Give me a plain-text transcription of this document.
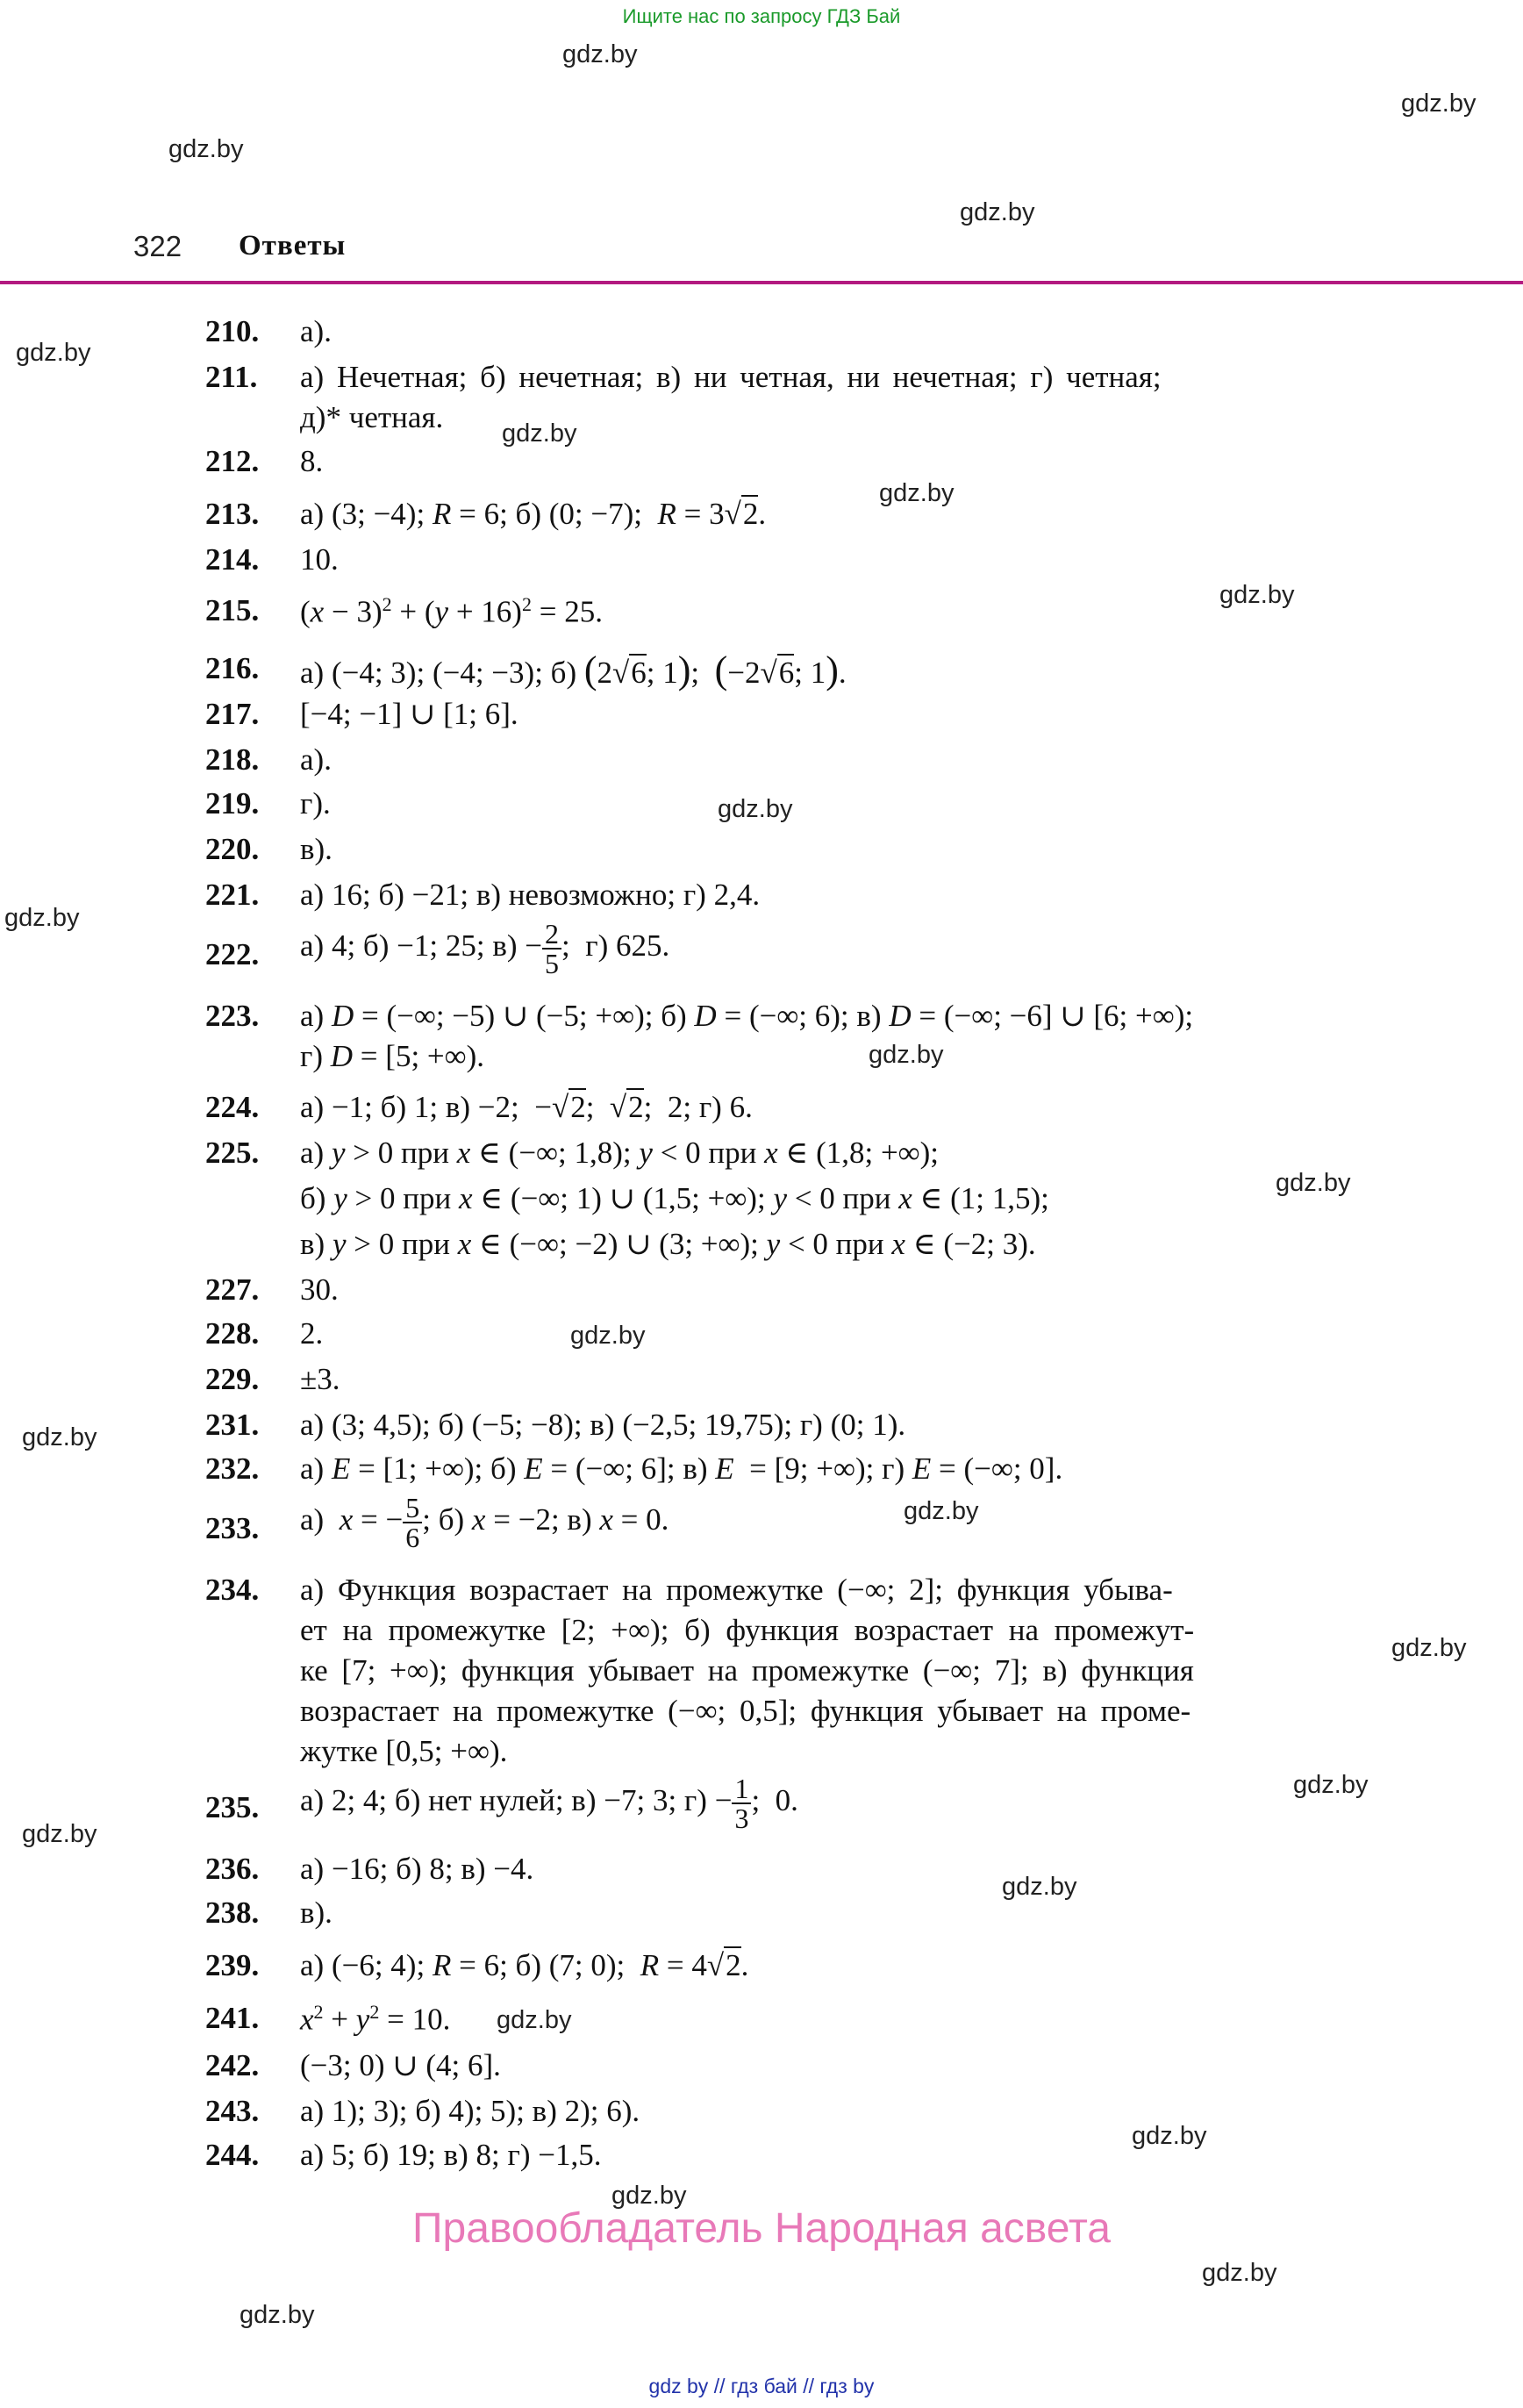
Ищите нас по запросу ГДЗ Бай
gdz.by
gdz.by
gdz.by
gdz.by
gdz.by
gdz.by
gdz.by
gdz.by
gdz.by
gdz.by
gdz.by
gdz.by
gdz.by
gdz.by
gdz.by
gdz.by
gdz.by
gdz.by
gdz.by
gdz.by
gdz.by
gdz.by
gdz.by
gdz.by
322 Ответы
210. а).
211. а) Нечетная; б) нечетная; в) ни четная, ни нечетная; г) четная;
д)* четная.
212. 8.
213. а) (3; −4); R = 6; б) (0; −7);  R = 3√2.
214. 10.
215. $(x - 3)^2 + (y + 16)^2 = 25$.
216. а) (−4; 3); (−4; −3); б) (2√6; 1);  (−2√6; 1).
217. [−4; −1] ∪ [1; 6].
218. а).
219. г).
220. в).
221. а) 16; б) −21; в) невозможно; г) 2,4.
222. а) 4; б) −1; 25; $в) - \frac{2}{5}$ ;  г) 625.
223. а) D = (−∞; −5) ∪ (−5; +∞); б) D = (−∞; 6); в) D = (−∞; −6] ∪ [6; +∞);
г) D = [5; +∞).
224. а) −1; б) 1; в) −2;  −√2;  √2;  2; г) 6.
225. а) y > 0 при x ∈ (−∞; 1,8); y < 0 при x ∈ (1,8; +∞);
б) y > 0 при x ∈ (−∞; 1) ∪ (1,5; +∞); y < 0 при x ∈ (1; 1,5);
в) y > 0 при x ∈ (−∞; −2) ∪ (3; +∞); y < 0 при x ∈ (−2; 3).
227. 30.
228. 2.
229. ±3.
231. а) (3; 4,5); б) (−5; −8); в) (−2,5; 19,75); г) (0; 1).
232. а) E = [1; +∞); б) E = (−∞; 6]; в) E  = [9; +∞); г) E = (−∞; 0].
233. а)  x = − $\frac{5}{6}$ ; б) x = −2; в) x = 0.
234. а) Функция возрастает на промежутке (−∞; 2]; функция убыва-
ет на промежутке [2; +∞); б) функция возрастает на промежут-
ке [7; +∞); функция убывает на промежутке (−∞; 7]; в) функция
возрастает на промежутке (−∞; 0,5]; функция убывает на проме-
жутке [0,5; +∞).
235. а) 2; 4; б) нет нулей; в) −7; 3; $г) - \frac{1}{3}$ ;  0.
236. а) −16; б) 8; в) −4.
238. в).
239. а) (−6; 4); R = 6; б) (7; 0);  R = 4√2.
241. $x^2 + y^2 = 10$.
242. (−3; 0) ∪ (4; 6].
243. а) 1); 3); б) 4); 5); в) 2); 6).
244. а) 5; б) 19; в) 8; г) −1,5.
Правообладатель Народная асвета
gdz by // гдз бай // гдз by
